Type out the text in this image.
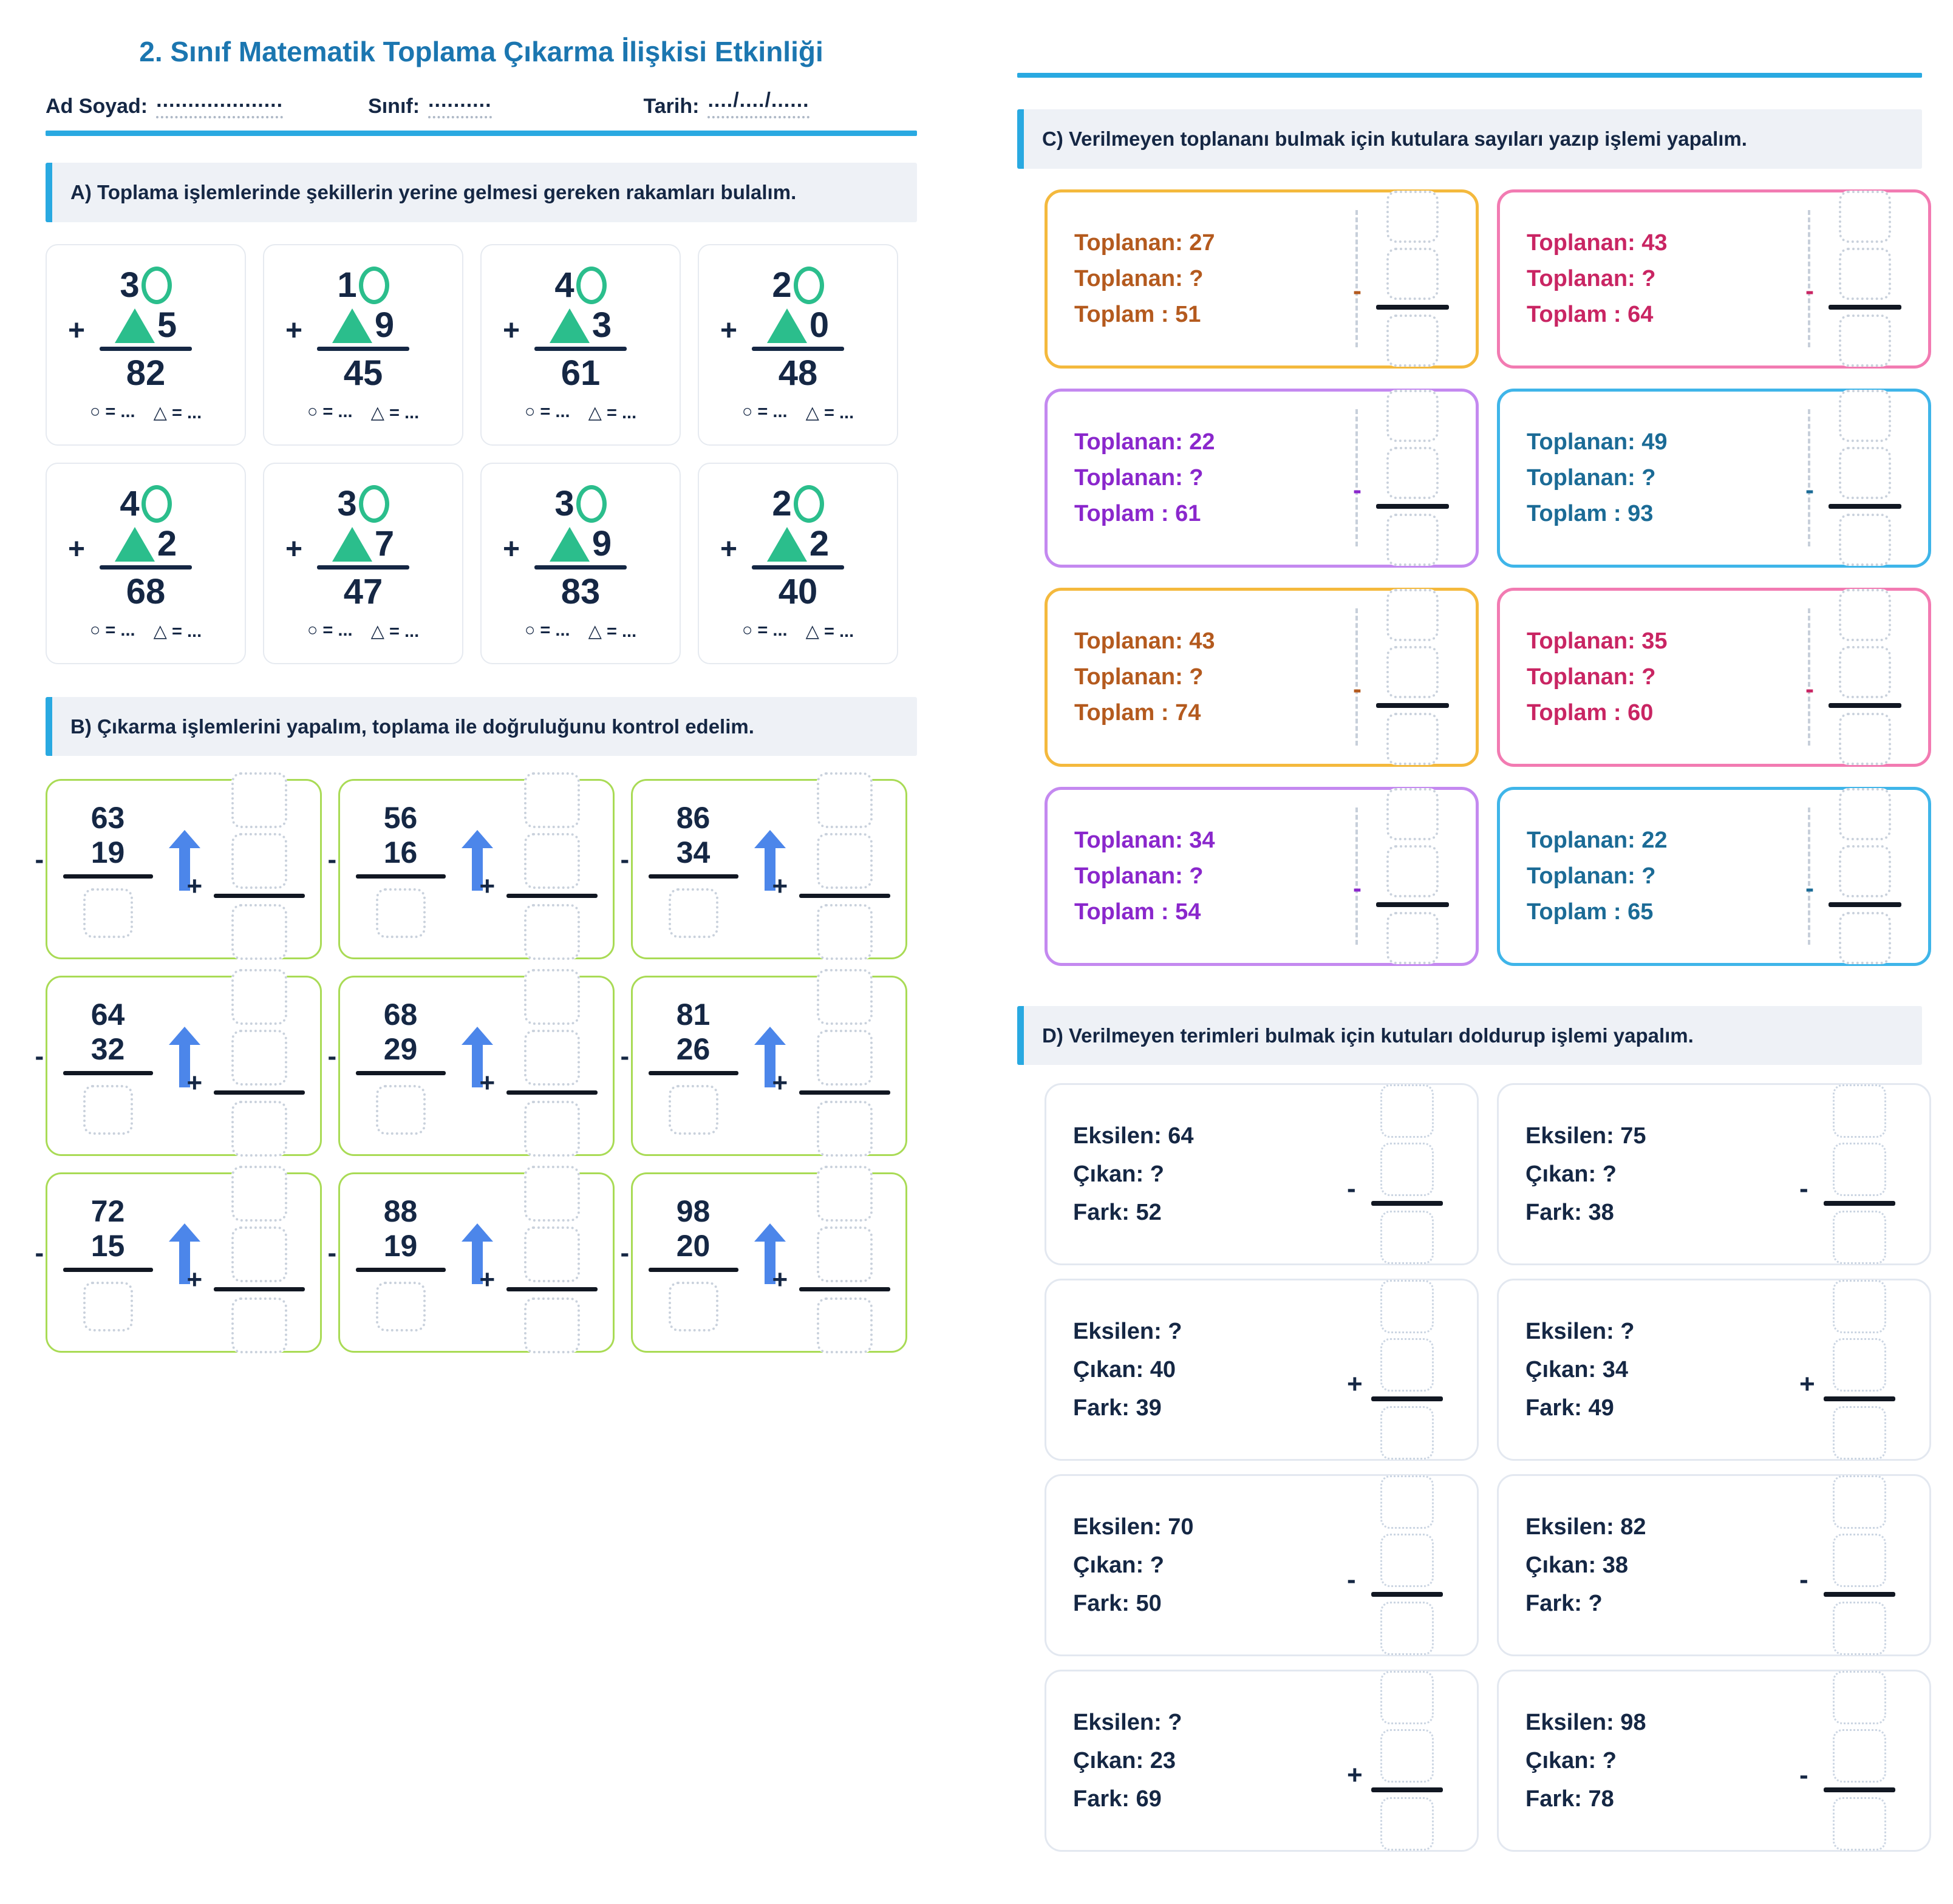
2. Sınıf Matematik Toplama Çıkarma İlişkisi Etkinliği
Ad Soyad: ....................	Sınıf: ..........	Tarih: ..../..../......
A) Toplama işlemlerinde şekillerin yerine gelmesi gereken rakamları bulalım.
3
+ 5
82
○ = ... △ = ...
1
+ 9
45
○ = ... △ = ...
4
+ 3
61
○ = ... △ = ...
2
+ 0
48
○ = ... △ = ...
4
+ 2
68
○ = ... △ = ...
3
+ 7
47
○ = ... △ = ...
3
+ 9
83
○ = ... △ = ...
2
+ 2
40
○ = ... △ = ...
B) Çıkarma işlemlerini yapalım, toplama ile doğruluğunu kontrol edelim.
-
63
19
+
-
56
16
+
-
86
34
+
-
64
32
+
-
68
29
+
-
81
26
+
-
72
15
+
-
88
19
+
-
98
20
+
C) Verilmeyen toplananı bulmak için kutulara sayıları yazıp işlemi yapalım.
Toplanan: 27
Toplanan: ?
Toplam : 51
-
Toplanan: 43
Toplanan: ?
Toplam : 64
-
Toplanan: 22
Toplanan: ?
Toplam : 61
-
Toplanan: 49
Toplanan: ?
Toplam : 93
-
Toplanan: 43
Toplanan: ?
Toplam : 74
-
Toplanan: 35
Toplanan: ?
Toplam : 60
-
Toplanan: 34
Toplanan: ?
Toplam : 54
-
Toplanan: 22
Toplanan: ?
Toplam : 65
-
D) Verilmeyen terimleri bulmak için kutuları doldurup işlemi yapalım.
Eksilen: 64
Çıkan: ?
Fark: 52
-
Eksilen: 75
Çıkan: ?
Fark: 38
-
Eksilen: ?
Çıkan: 40
Fark: 39
+
Eksilen: ?
Çıkan: 34
Fark: 49
+
Eksilen: 70
Çıkan: ?
Fark: 50
-
Eksilen: 82
Çıkan: 38
Fark: ?
-
Eksilen: ?
Çıkan: 23
Fark: 69
+
Eksilen: 98
Çıkan: ?
Fark: 78
-
